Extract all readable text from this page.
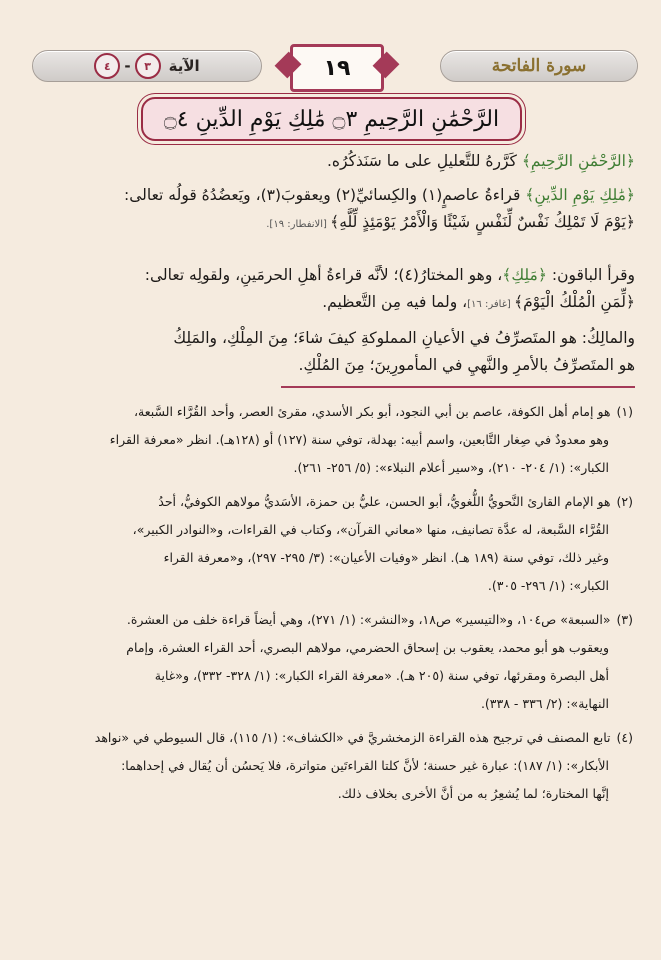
الآية
٣
-
٤	١٩	سورة الفاتحة
الرَّحْمَٰنِ الرَّحِيمِ ۝٣ مَٰلِكِ يَوْمِ الدِّينِ ۝٤
﴿الرَّحْمَٰنِ الرَّحِيمِ﴾ كَرَّرهُ للتَّعليلِ على ما سَنَذكُرُه.
﴿مَٰلِكِ يَوْمِ الدِّينِ﴾ قراءةُ عاصمٍ(١) والكِسائيِّ(٢) ويعقوبَ(٣)، ويَعضُدُهُ قولُه تعالى:
﴿يَوْمَ لَا تَمْلِكُ نَفْسٌ لِّنَفْسٍ شَيْئًا وَالْأَمْرُ يَوْمَئِذٍ لِّلَّهِ﴾ [الانفطار: ١٩].
وقرأ الباقون: ﴿مَلِكِ﴾، وهو المختارُ(٤)؛ لأنَّه قراءةُ أهلِ الحرمَينِ، ولقولِه تعالى:
﴿لِّمَنِ الْمُلْكُ الْيَوْمَ﴾ [غافر: ١٦]، ولما فيه مِن التَّعظيم.
والمالِكُ: هو المتَصرِّفُ في الأعيانِ المملوكةِ كيفَ شاءَ؛ مِنَ المِلْكِ، والمَلِكُ
هو المتَصرِّفُ بالأمرِ والنَّهيِ في المأمورِينَ؛ مِنَ المُلْكِ.
(١)هو إمام أهل الكوفة، عاصم بن أبي النجود، أبو بكر الأسدي، مقرئ العصر، وأحد القُرَّاء السَّبعة،
وهو معدودٌ في صِغار التَّابعين، واسم أبيه: بهدلة، توفي سنة (١٢٧) أو (١٢٨هـ). انظر «معرفة القراء
الكبار»: (١/ ٢٠٤- ٢١٠)، و«سير أعلام النبلاء»: (٥/ ٢٥٦- ٢٦١).
(٢)هو الإمام القارئ النَّحويُّ اللُّغويُّ، أبو الحسن، عليُّ بن حمزة، الأسَديُّ مولاهم الكوفيُّ، أحدُ
القُرَّاء السَّبعة، له عدَّة تصانيف، منها «معاني القرآن»، وكتاب في القراءات، و«النوادر الكبير»،
وغير ذلك، توفي سنة (١٨٩ هـ). انظر «وفيات الأعيان»: (٣/ ٢٩٥- ٢٩٧)، و«معرفة القراء
الكبار»: (١/ ٢٩٦- ٣٠٥).
(٣)«السبعة» ص١٠٤، و«التيسير» ص١٨، و«النشر»: (١/ ٢٧١)، وهي أيضاً قراءة خلف من العشرة.
ويعقوب هو أبو محمد، يعقوب بن إسحاق الحضرمي، مولاهم البصري، أحد القراء العشرة، وإمام
أهل البصرة ومقرئها، توفي سنة (٢٠٥ هـ). «معرفة القراء الكبار»: (١/ ٣٢٨- ٣٣٢)، و«غاية
النهاية»: (٢/ ٣٣٦ - ٣٣٨).
(٤)تابع المصنف في ترجيح هذه القراءة الزمخشريَّ في «الكشاف»: (١/ ١١٥)، قال السيوطي في «نواهد
الأبكار»: (١/ ١٨٧): عبارة غير حسنة؛ لأنَّ كلتا القراءتَين متواترة، فلا يَحسُن أن يُقال في إحداهما:
إنَّها المختارة؛ لما يُشعِرُ به من أنَّ الأخرى بخلاف ذلك.
